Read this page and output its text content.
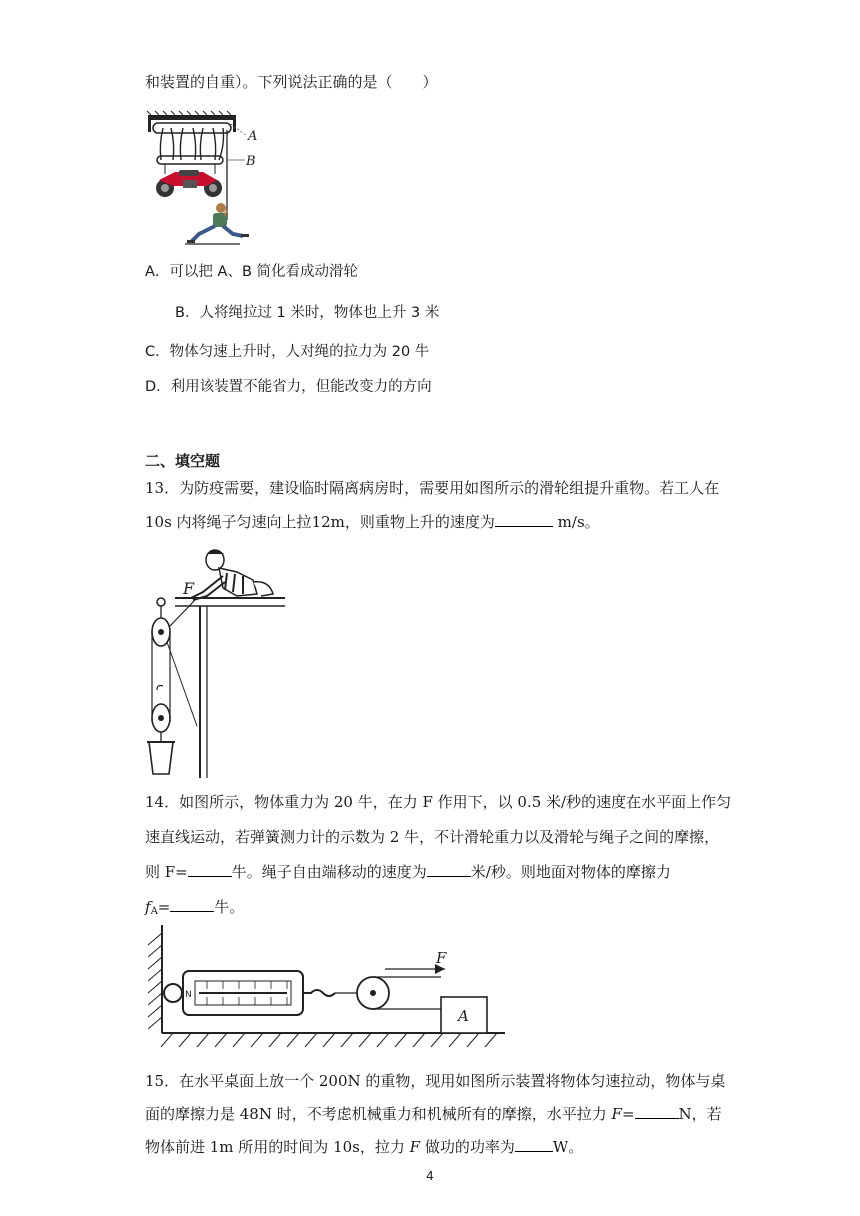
和装置的自重）。下列说法正确的是（　　）
A
B
A．可以把 A、B 简化看成动滑轮
B．人将绳拉过 1 米时，物体也上升 3 米
C．物体匀速上升时，人对绳的拉力为 20 牛
D．利用该装置不能省力，但能改变力的方向
二、填空题
13．为防疫需要，建设临时隔离病房时，需要用如图所示的滑轮组提升重物。若工人在
10s 内将绳子匀速向上拉12m，则重物上升的速度为	m/s。
F
14．如图所示，物体重力为 20 牛，在力 F 作用下，以 0.5 米/秒的速度在水平面上作匀
速直线运动，若弹簧测力计的示数为 2 牛，不计滑轮重力以及滑轮与绳子之间的摩擦，
则 F=	牛。绳子自由端移动的速度为	米/秒。则地面对物体的摩擦力
$f_A=$	牛。
N
F
A
15．在水平桌面上放一个 200N 的重物，现用如图所示装置将物体匀速拉动，物体与桌
面的摩擦力是 48N 时，不考虑机械重力和机械所有的摩擦，水平拉力 F=	N，若
物体前进 1m 所用的时间为 10s，拉力 F 做功的功率为	W。
4
